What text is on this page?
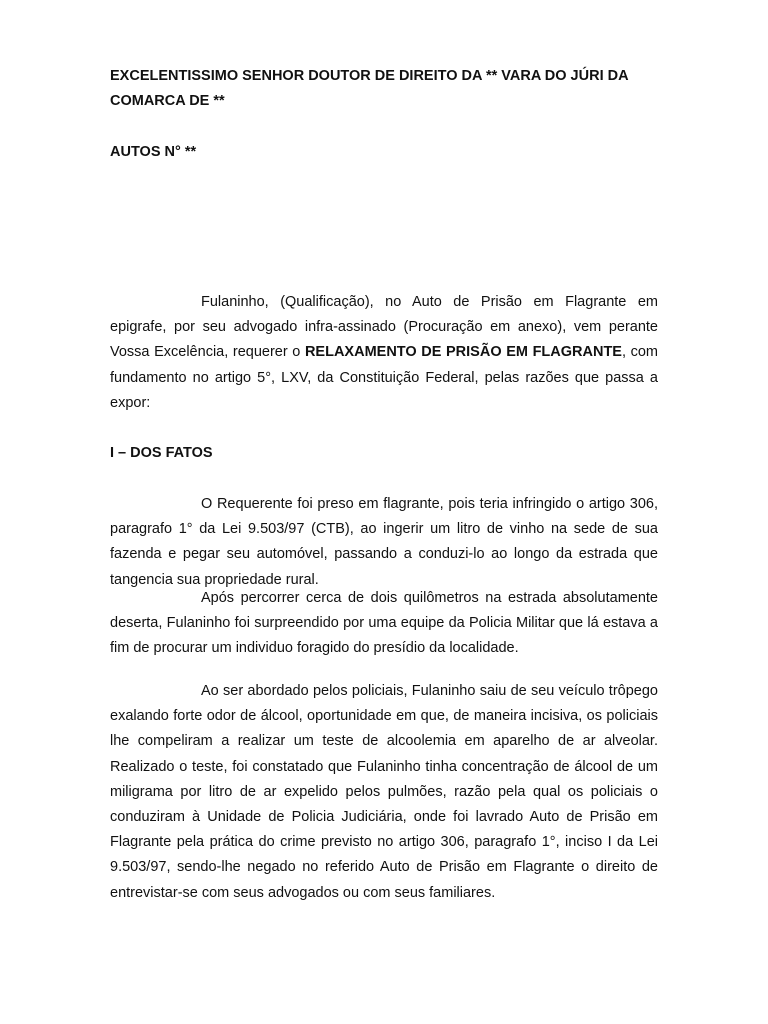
EXCELENTISSIMO SENHOR DOUTOR DE DIREITO DA ** VARA DO JÚRI DA COMARCA DE **

AUTOS N° **

Fulaninho, (Qualificação), no Auto de Prisão em Flagrante em epigrafe, por seu advogado infra-assinado (Procuração em anexo), vem perante Vossa Excelência, requerer o RELAXAMENTO DE PRISÃO EM FLAGRANTE, com fundamento no artigo 5°, LXV, da Constituição Federal, pelas razões que passa a expor:

I – DOS FATOS

O Requerente foi preso em flagrante, pois teria infringido o artigo 306, paragrafo 1° da Lei 9.503/97 (CTB), ao ingerir um litro de vinho na sede de sua fazenda e pegar seu automóvel, passando a conduzi-lo ao longo da estrada que tangencia sua propriedade rural.

Após percorrer cerca de dois quilômetros na estrada absolutamente deserta, Fulaninho foi surpreendido por uma equipe da Policia Militar que lá estava a fim de procurar um individuo foragido do presídio da localidade.

Ao ser abordado pelos policiais, Fulaninho saiu de seu veículo trôpego exalando forte odor de álcool, oportunidade em que, de maneira incisiva, os policiais lhe compeliram a realizar um teste de alcoolemia em aparelho de ar alveolar. Realizado o teste, foi constatado que Fulaninho tinha concentração de álcool de um miligrama por litro de ar expelido pelos pulmões, razão pela qual os policiais o conduziram à Unidade de Policia Judiciária, onde foi lavrado Auto de Prisão em Flagrante pela prática do crime previsto no artigo 306, paragrafo 1°, inciso I da Lei 9.503/97, sendo-lhe negado no referido Auto de Prisão em Flagrante o direito de entrevistar-se com seus advogados ou com seus familiares.
